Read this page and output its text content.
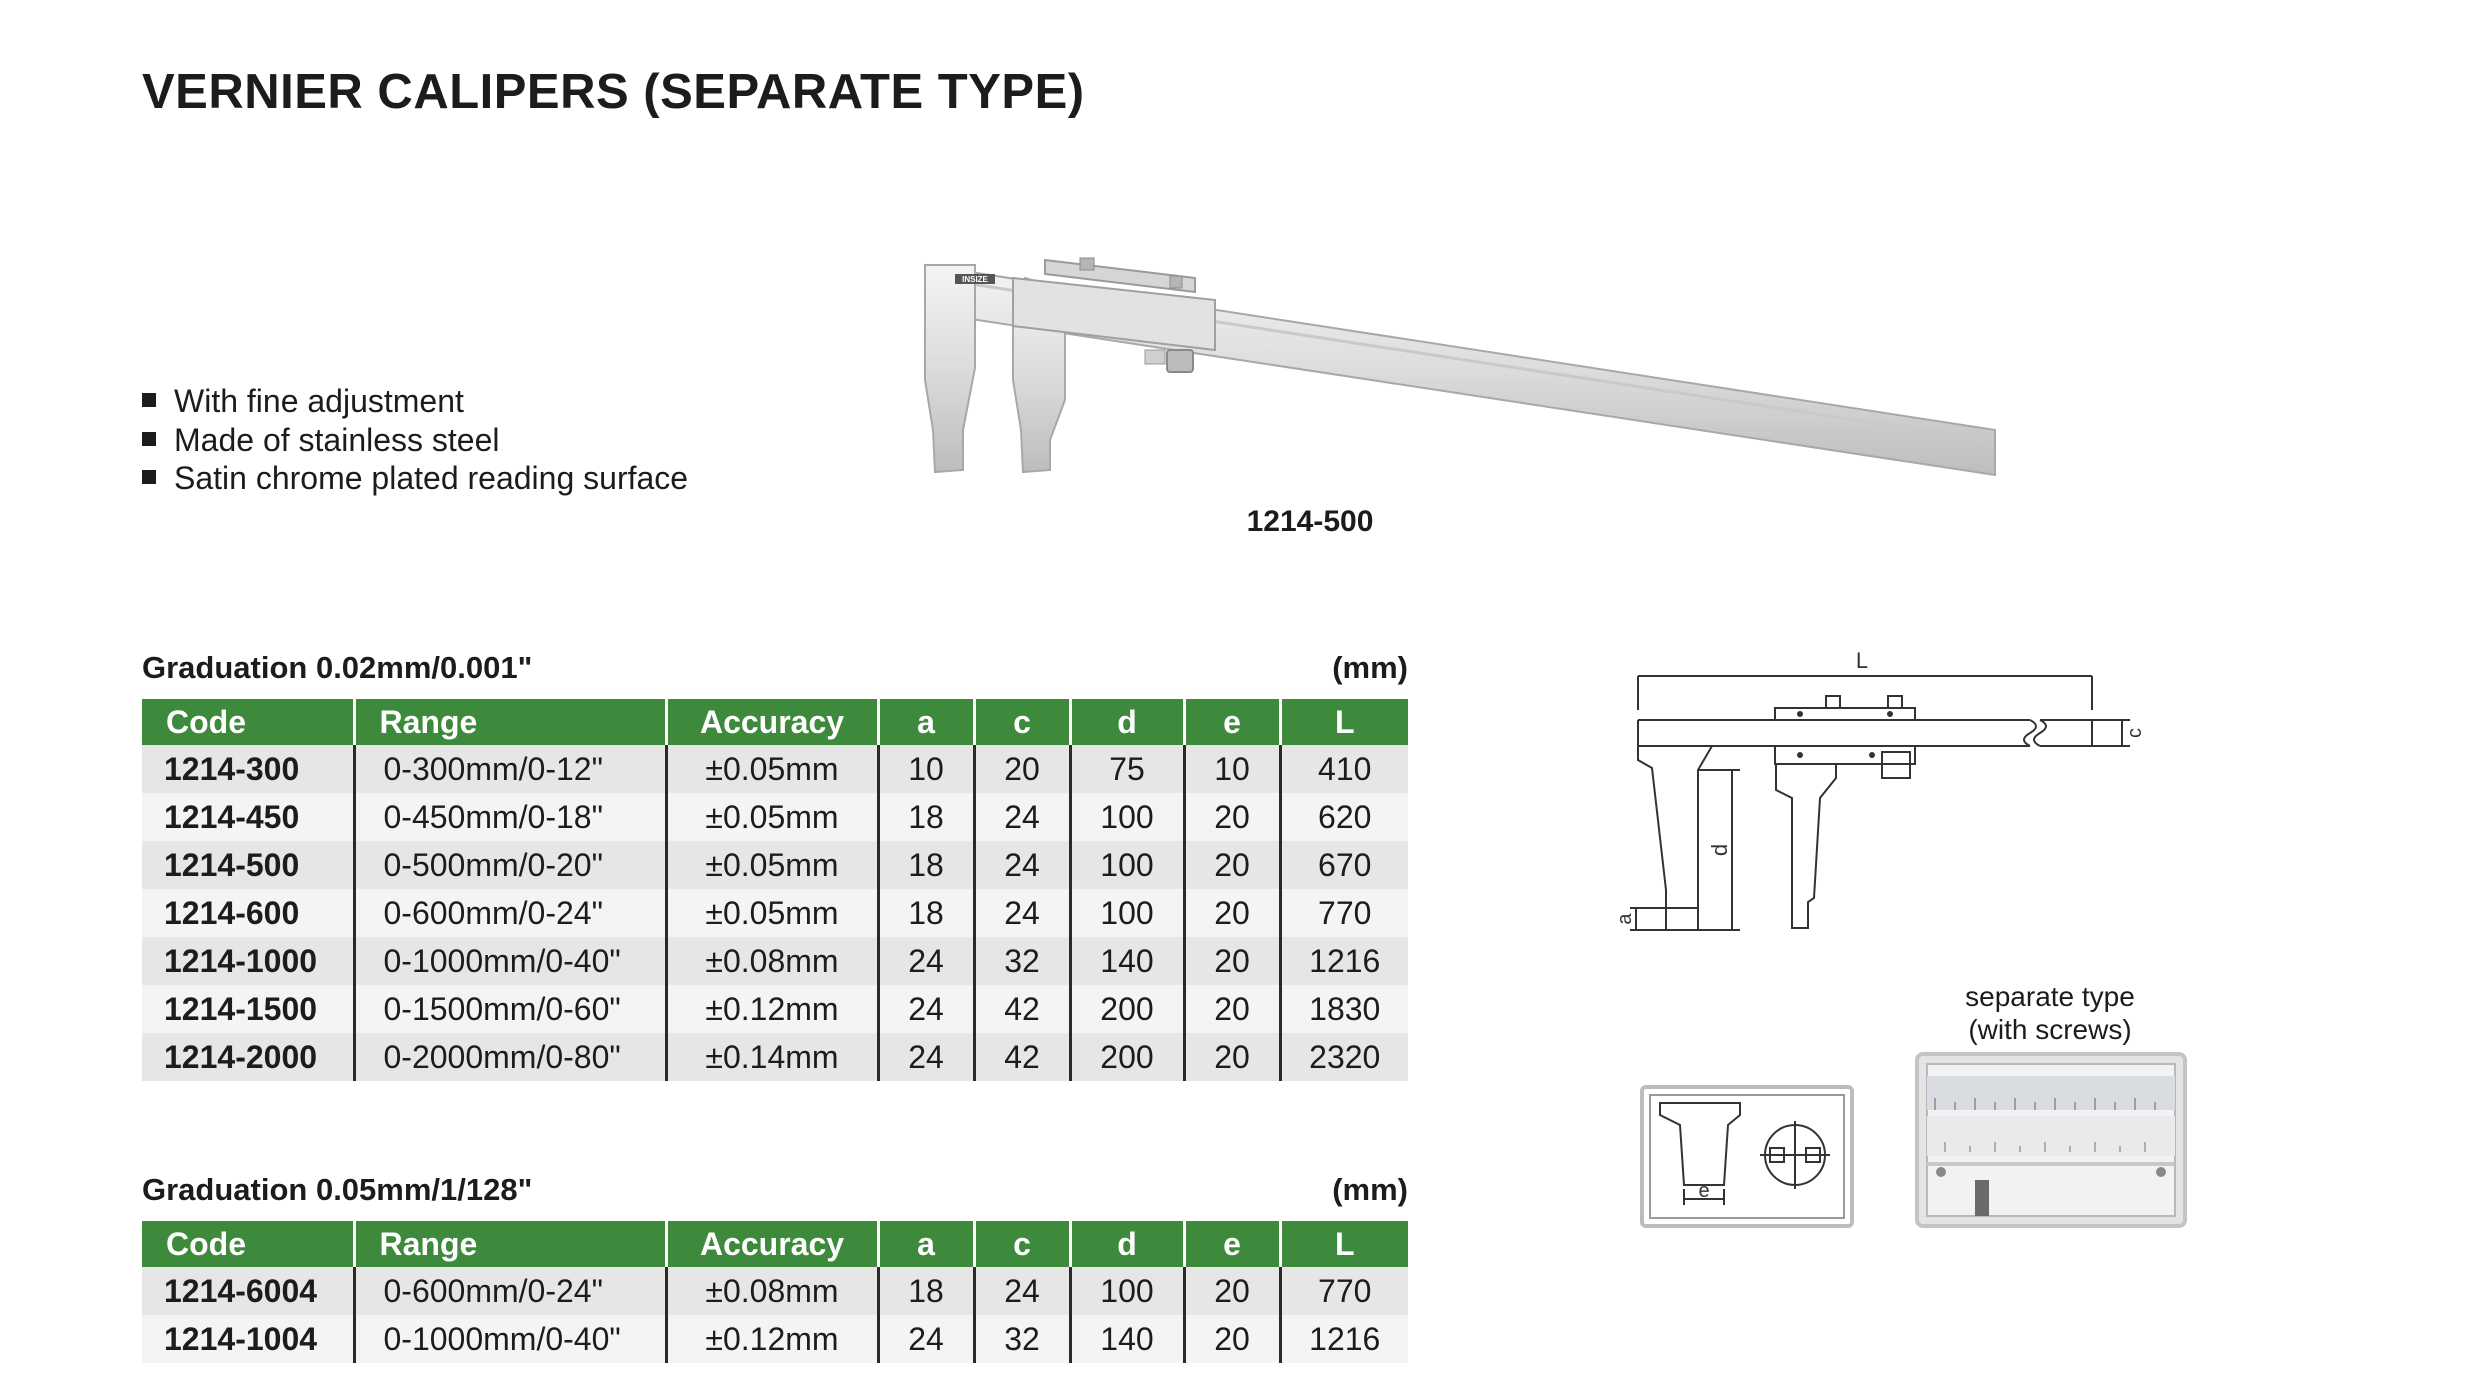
VERNIER CALIPERS (SEPARATE TYPE)
With fine adjustment
Made of stainless steel
Satin chrome plated reading surface
INSIZE
1214-500
Graduation 0.02mm/0.001"	(mm)
Code	Range	Accuracy	a	c	d	e	L
1214-300	0-300mm/0-12"	±0.05mm	10	20	75	10	410
1214-450	0-450mm/0-18"	±0.05mm	18	24	100	20	620
1214-500	0-500mm/0-20"	±0.05mm	18	24	100	20	670
1214-600	0-600mm/0-24"	±0.05mm	18	24	100	20	770
1214-1000	0-1000mm/0-40"	±0.08mm	24	32	140	20	1216
1214-1500	0-1500mm/0-60"	±0.12mm	24	42	200	20	1830
1214-2000	0-2000mm/0-80"	±0.14mm	24	42	200	20	2320
Graduation 0.05mm/1/128"	(mm)
Code	Range	Accuracy	a	c	d	e	L
1214-6004	0-600mm/0-24"	±0.08mm	18	24	100	20	770
1214-1004	0-1000mm/0-40"	±0.12mm	24	32	140	20	1216
L
c
d
a
separate type
(with screws)
e
